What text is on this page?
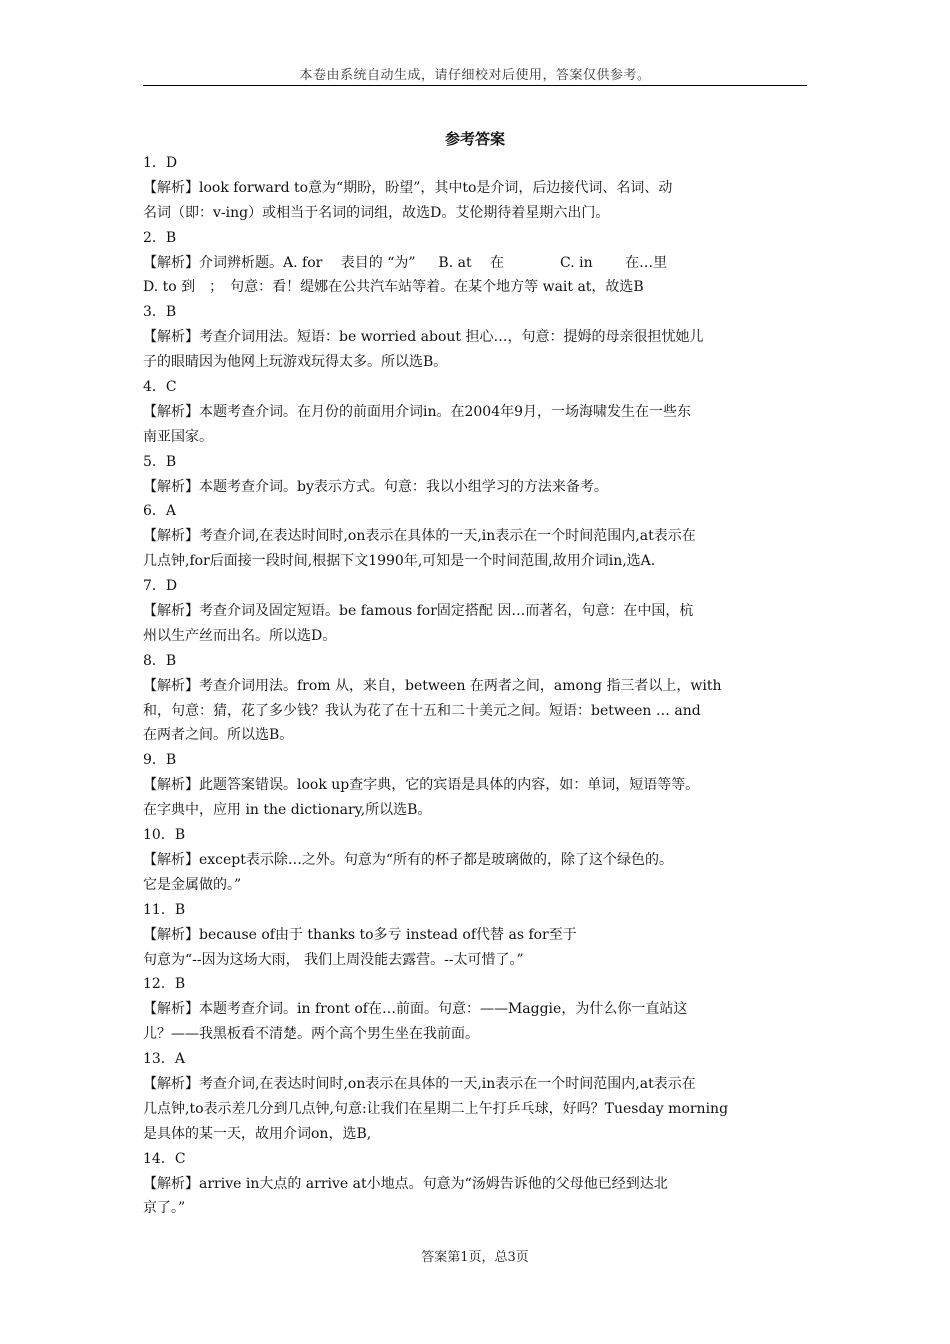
本卷由系统自动生成，请仔细校对后使用，答案仅供参考。
参考答案
1．D
【解析】look forward to意为“期盼，盼望”，其中to是介词，后边接代词、名词、动
名词（即：v-ing）或相当于名词的词组，故选D。艾伦期待着星期六出门。
2．B
【解析】介词辨析题。A. for　 表目的 “为”　  B. at　 在　　　　C. in　　 在…里
D. to 到　；　句意：看！缇娜在公共汽车站等着。在某个地方等 wait at，故选B
3．B
【解析】考查介词用法。短语：be worried about 担心…，句意：提姆的母亲很担忧她儿
子的眼睛因为他网上玩游戏玩得太多。所以选B。
4．C
【解析】本题考查介词。在月份的前面用介词in。在2004年9月，一场海啸发生在一些东
南亚国家。
5．B
【解析】本题考查介词。by表示方式。句意：我以小组学习的方法来备考。
6．A
【解析】考查介词,在表达时间时,on表示在具体的一天,in表示在一个时间范围内,at表示在
几点钟,for后面接一段时间,根据下文1990年,可知是一个时间范围,故用介词in,选A.
7．D
【解析】考查介词及固定短语。be famous for固定搭配 因…而著名，句意：在中国，杭
州以生产丝而出名。所以选D。
8．B
【解析】考查介词用法。from 从，来自，between 在两者之间，among 指三者以上，with
和，句意：猜，花了多少钱？我认为花了在十五和二十美元之间。短语：between … and
在两者之间。所以选B。
9．B
【解析】此题答案错误。look up查字典，它的宾语是具体的内容，如：单词，短语等等。
在字典中，应用 in the dictionary,所以选B。
10．B
【解析】except表示除…之外。句意为“所有的杯子都是玻璃做的，除了这个绿色的。
它是金属做的。”
11．B
【解析】because of由于 thanks to多亏 instead of代替 as for至于
句意为“--因为这场大雨， 我们上周没能去露营。--太可惜了。”
12．B
【解析】本题考查介词。in front of在…前面。句意：——Maggie，为什么你一直站这
儿？——我黑板看不清楚。两个高个男生坐在我前面。
13．A
【解析】考查介词,在表达时间时,on表示在具体的一天,in表示在一个时间范围内,at表示在
几点钟,to表示差几分到几点钟,句意:让我们在星期二上午打乒乓球，好吗？Tuesday morning
是具体的某一天，故用介词on，选B,
14．C
【解析】arrive in大点的 arrive at小地点。句意为“汤姆告诉他的父母他已经到达北
京了。”
答案第1页，总3页
